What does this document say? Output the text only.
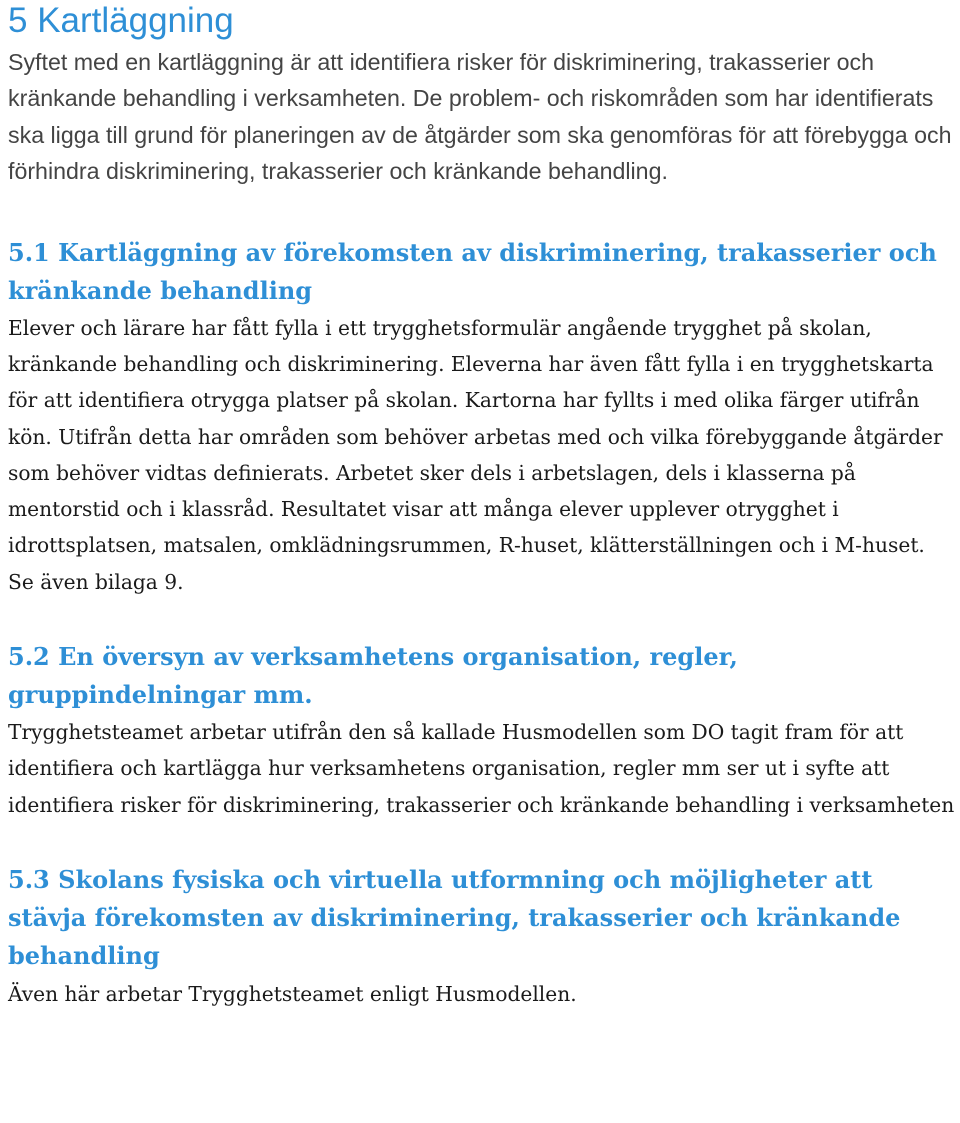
5 Kartläggning

Syftet med en kartläggning är att identifiera risker för diskriminering, trakasserier och kränkande behandling i verksamheten. De problem- och riskområden som har identifierats ska ligga till grund för planeringen av de åtgärder som ska genomföras för att förebygga och förhindra diskriminering, trakasserier och kränkande behandling.

5.1 Kartläggning av förekomsten av diskriminering, trakasserier och kränkande behandling

Elever och lärare har fått fylla i ett trygghetsformulär angående trygghet på skolan, kränkande behandling och diskriminering. Eleverna har även fått fylla i en trygghetskarta för att identifiera otrygga platser på skolan. Kartorna har fyllts i med olika färger utifrån kön. Utifrån detta har områden som behöver arbetas med och vilka förebyggande åtgärder som behöver vidtas definierats. Arbetet sker dels i arbetslagen, dels i klasserna på mentorstid och i klassråd. Resultatet visar att många elever upplever otrygghet i idrottsplatsen, matsalen, omklädningsrummen, R-huset, klätterställningen och i M-huset. Se även bilaga 9.

5.2 En översyn av verksamhetens organisation, regler, gruppindelningar mm.

Trygghetsteamet arbetar utifrån den så kallade Husmodellen som DO tagit fram för att identifiera och kartlägga hur verksamhetens organisation, regler mm ser ut i syfte att identifiera risker för diskriminering, trakasserier och kränkande behandling i verksamheten

5.3 Skolans fysiska och virtuella utformning och möjligheter att stävja förekomsten av diskriminering, trakasserier och kränkande behandling

Även här arbetar Trygghetsteamet enligt Husmodellen.
